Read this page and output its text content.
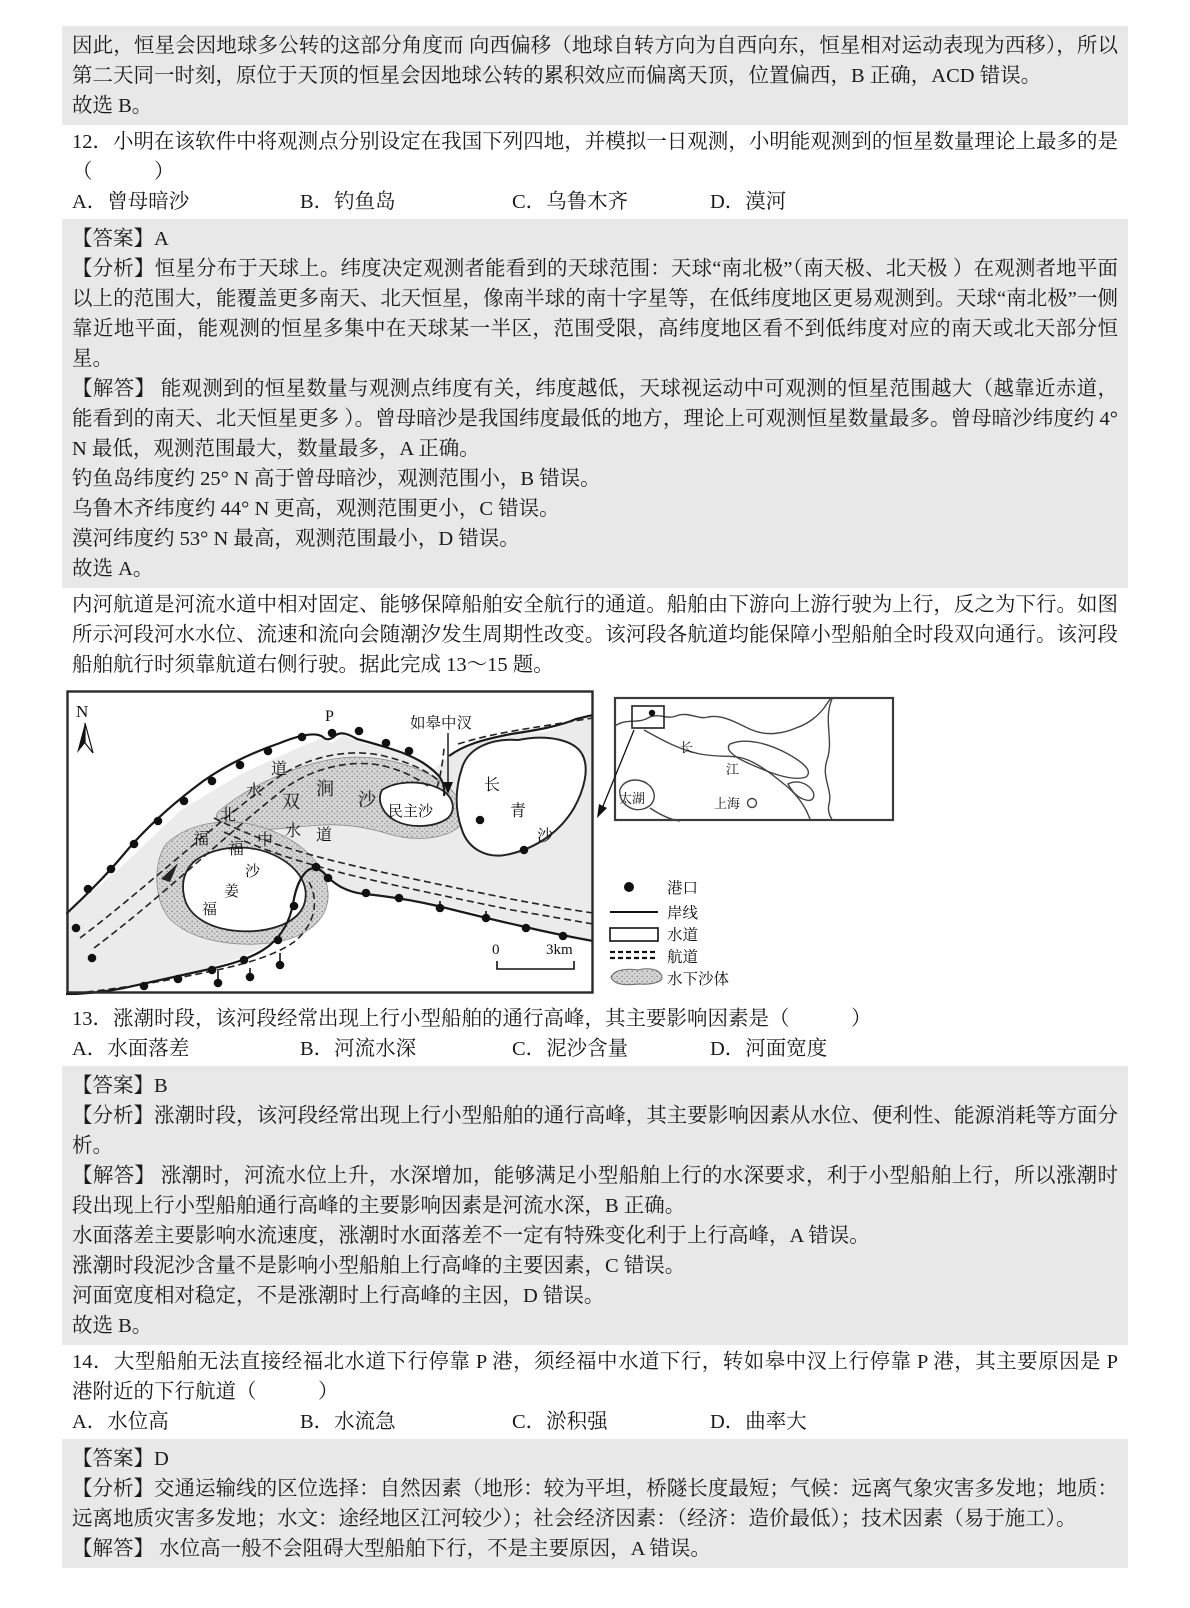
因此，恒星会因地球多公转的这部分角度而 向西偏移（地球自转方向为自西向东，恒星相对运动表现为西移），所以第二天同一时刻，原位于天顶的恒星会因地球公转的累积效应而偏离天顶，位置偏西，B 正确，ACD 错误。

故选 B。

12．小明在该软件中将观测点分别设定在我国下列四地，并模拟一日观测，小明能观测到的恒星数量理论上最多的是（　　　）

A．曾母暗沙	B．钓鱼岛	C．乌鲁木齐	D．漠河

【答案】A

【分析】恒星分布于天球上。纬度决定观测者能看到的天球范围：天球“南北极”（南天极、北天极 ）在观测者地平面以上的范围大，能覆盖更多南天、北天恒星，像南半球的南十字星等，在低纬度地区更易观测到。天球“南北极”一侧靠近地平面，能观测的恒星多集中在天球某一半区，范围受限，高纬度地区看不到低纬度对应的南天或北天部分恒星。

【解答】 能观测到的恒星数量与观测点纬度有关，纬度越低，天球视运动中可观测的恒星范围越大（越靠近赤道，能看到的南天、北天恒星更多 ）。曾母暗沙是我国纬度最低的地方，理论上可观测恒星数量最多。曾母暗沙纬度约 4° N 最低，观测范围最大，数量最多，A 正确。

钓鱼岛纬度约 25° N 高于曾母暗沙，观测范围小，B 错误。

乌鲁木齐纬度约 44° N 更高，观测范围更小，C 错误。

漠河纬度约 53° N 最高，观测范围最小，D 错误。

故选 A。

内河航道是河流水道中相对固定、能够保障船舶安全航行的通道。船舶由下游向上游行驶为上行，反之为下行。如图所示河段河水水位、流速和流向会随潮汐发生周期性改变。该河段各航道均能保障小型船舶全时段双向通行。该河段船舶航行时须靠航道右侧行驶。据此完成 13～15 题。

N	P	如皋中汊
福
北
水
道
福
中
水 道
双
涧
沙
民主沙
长
青
沙
福
姜
沙
0	3km
长
江
太湖	上海
港口
岸线
水道
航道
水下沙体

13．涨潮时段，该河段经常出现上行小型船舶的通行高峰，其主要影响因素是（　　　）

A．水面落差	B．河流水深	C．泥沙含量	D．河面宽度

【答案】B

【分析】涨潮时段，该河段经常出现上行小型船舶的通行高峰，其主要影响因素从水位、便利性、能源消耗等方面分析。

【解答】 涨潮时，河流水位上升，水深增加，能够满足小型船舶上行的水深要求，利于小型船舶上行，所以涨潮时段出现上行小型船舶通行高峰的主要影响因素是河流水深，B 正确。

水面落差主要影响水流速度，涨潮时水面落差不一定有特殊变化利于上行高峰，A 错误。

涨潮时段泥沙含量不是影响小型船舶上行高峰的主要因素，C 错误。

河面宽度相对稳定，不是涨潮时上行高峰的主因，D 错误。

故选 B。

14．大型船舶无法直接经福北水道下行停靠 P 港，须经福中水道下行，转如皋中汊上行停靠 P 港，其主要原因是 P 港附近的下行航道（　　　）

A．水位高	B．水流急	C．淤积强	D．曲率大

【答案】D

【分析】交通运输线的区位选择：自然因素（地形：较为平坦，桥隧长度最短；气候：远离气象灾害多发地；地质：远离地质灾害多发地；水文：途经地区江河较少）；社会经济因素：（经济：造价最低）；技术因素（易于施工）。

【解答】 水位高一般不会阻碍大型船舶下行，不是主要原因，A 错误。
